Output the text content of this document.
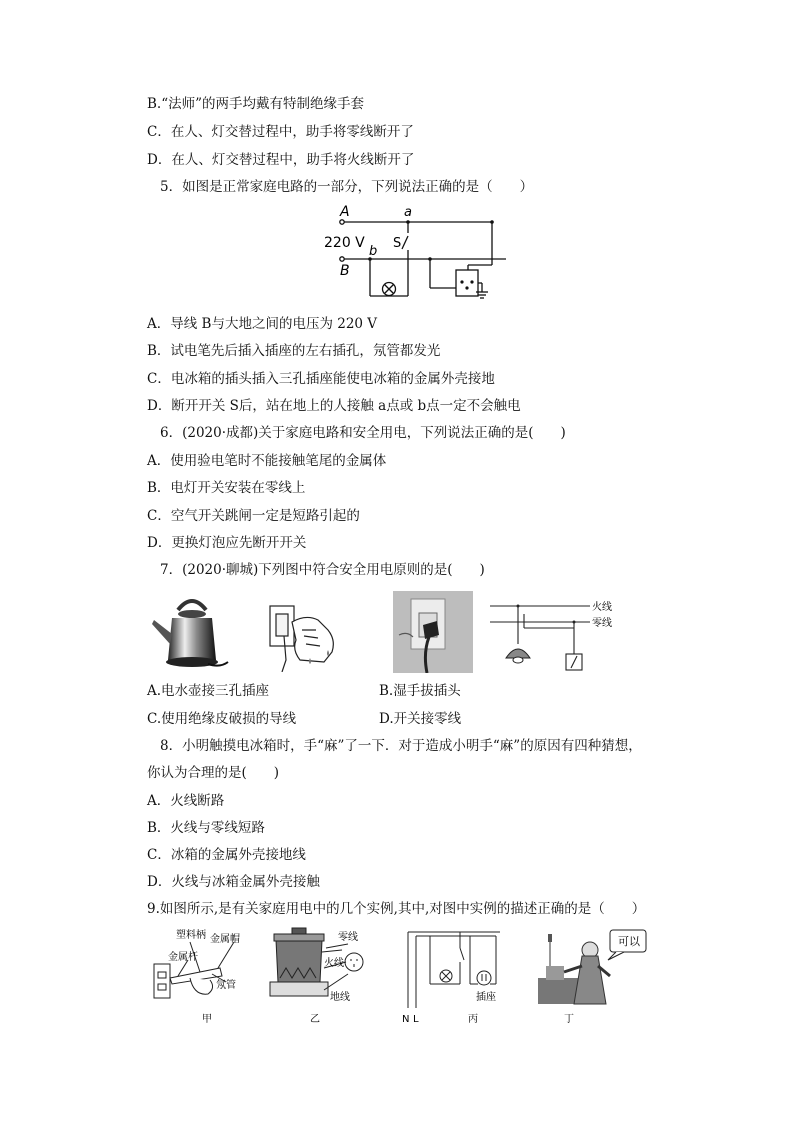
B.“法师”的两手均戴有特制绝缘手套
C．在人、灯交替过程中，助手将零线断开了
D．在人、灯交替过程中，助手将火线断开了
5．如图是正常家庭电路的一部分，下列说法正确的是（　　）
A	a
220 V
b
S
B
A．导线 B与大地之间的电压为 220 V
B．试电笔先后插入插座的左右插孔，氖管都发光
C．电冰箱的插头插入三孔插座能使电冰箱的金属外壳接地
D．断开开关 S后，站在地上的人接触 a点或 b点一定不会触电
6．(2020·成都)关于家庭电路和安全用电，下列说法正确的是(　　)
A．使用验电笔时不能接触笔尾的金属体
B．电灯开关安装在零线上
C．空气开关跳闸一定是短路引起的
D．更换灯泡应先断开开关
7．(2020·聊城)下列图中符合安全用电原则的是(　　)
火线
零线
A.电水壶接三孔插座	B.湿手拔插头
C.使用绝缘皮破损的导线	D.开关接零线
8．小明触摸电冰箱时，手“麻”了一下．对于造成小明手“麻”的原因有四种猜想，
你认为合理的是(　　)
A．火线断路
B．火线与零线短路
C．冰箱的金属外壳接地线
D．火线与冰箱金属外壳接触
9.如图所示,是有关家庭用电中的几个实例,其中,对图中实例的描述正确的是（　　）
塑料柄 金属帽
金属杆
氖管
甲
零线
火线
地线
乙	N L
插座
丙
可以
丁
